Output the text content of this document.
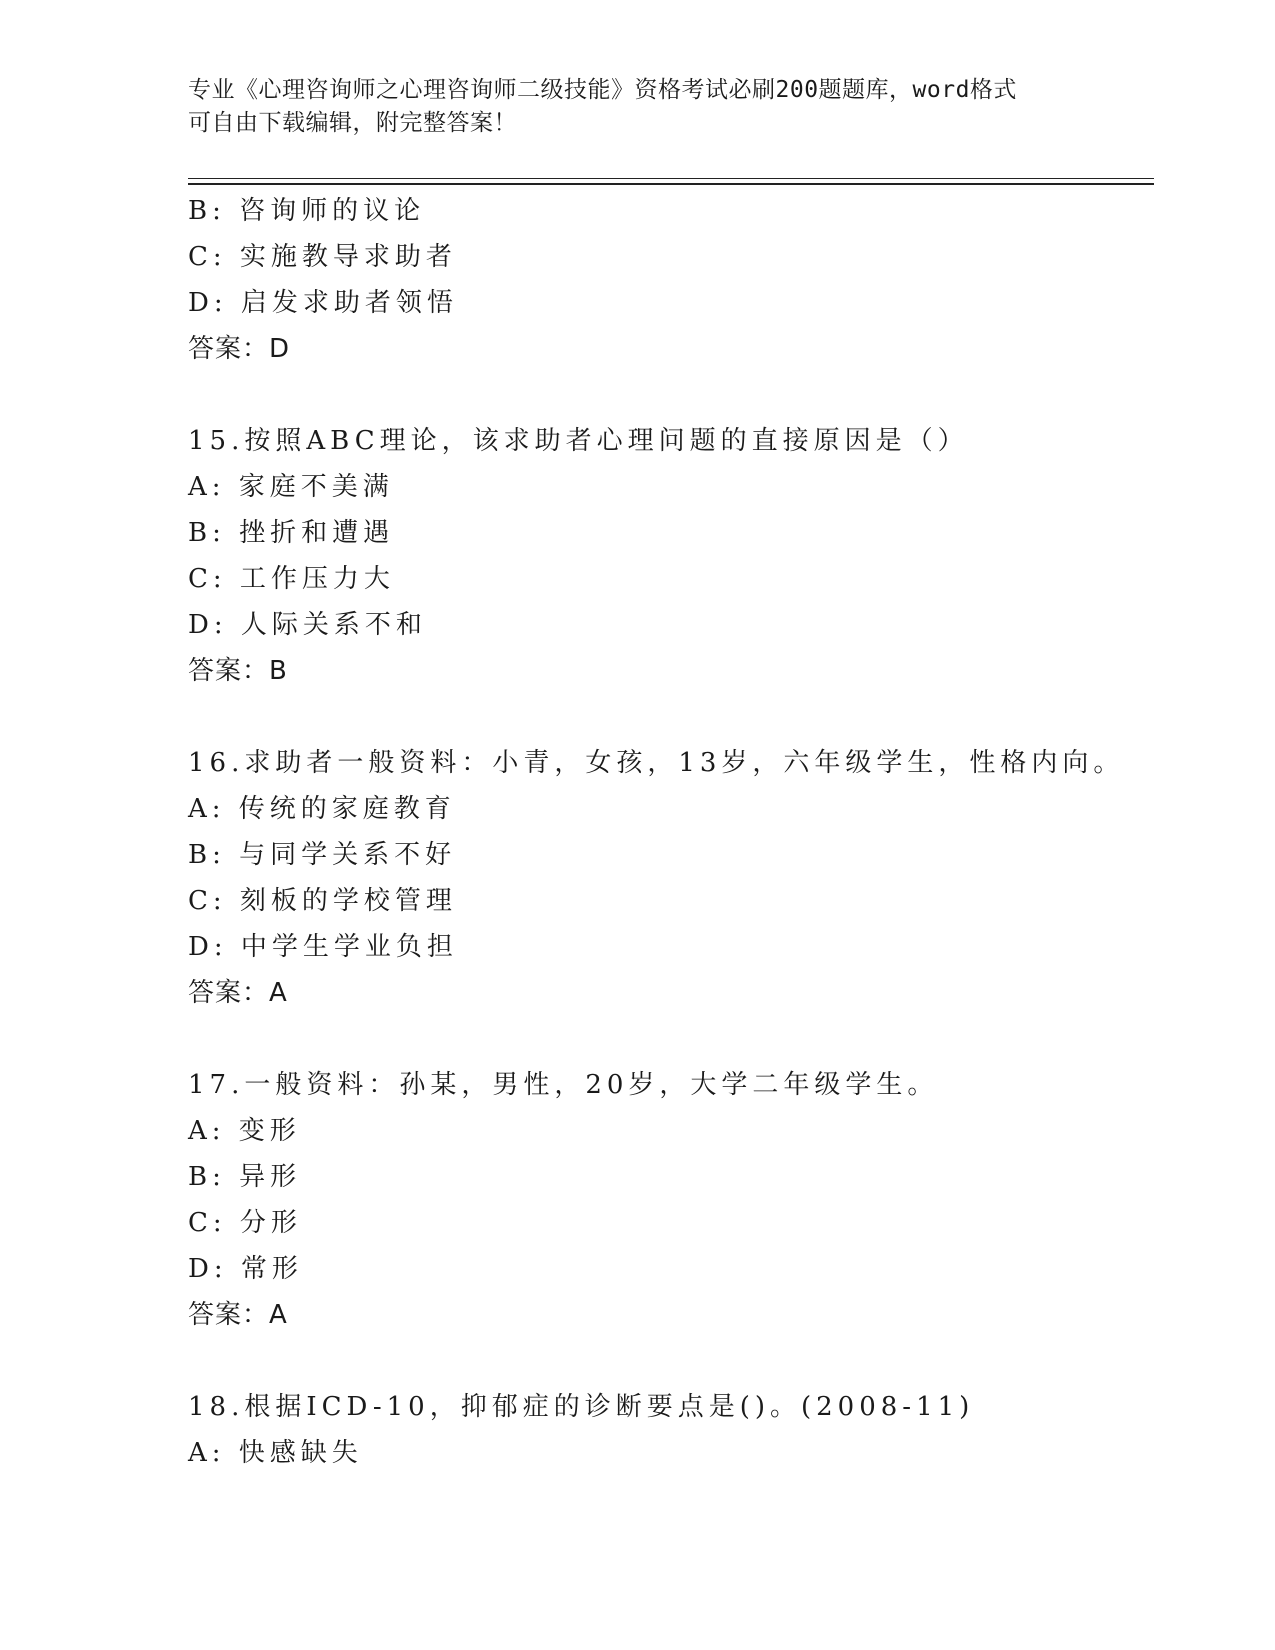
专业《心理咨询师之心理咨询师二级技能》资格考试必刷200题题库，word格式
可自由下载编辑，附完整答案！
B: 咨询师的议论
C: 实施教导求助者
D: 启发求助者领悟
答案：D
15.按照ABC理论，该求助者心理问题的直接原因是（）
A: 家庭不美满
B: 挫折和遭遇
C: 工作压力大
D: 人际关系不和
答案：B
16.求助者一般资料：小青，女孩，13岁，六年级学生，性格内向。
A: 传统的家庭教育
B: 与同学关系不好
C: 刻板的学校管理
D: 中学生学业负担
答案：A
17.一般资料：孙某，男性，20岁，大学二年级学生。
A: 变形
B: 异形
C: 分形
D: 常形
答案：A
18.根据ICD-10，抑郁症的诊断要点是()。(2008-11)
A: 快感缺失
